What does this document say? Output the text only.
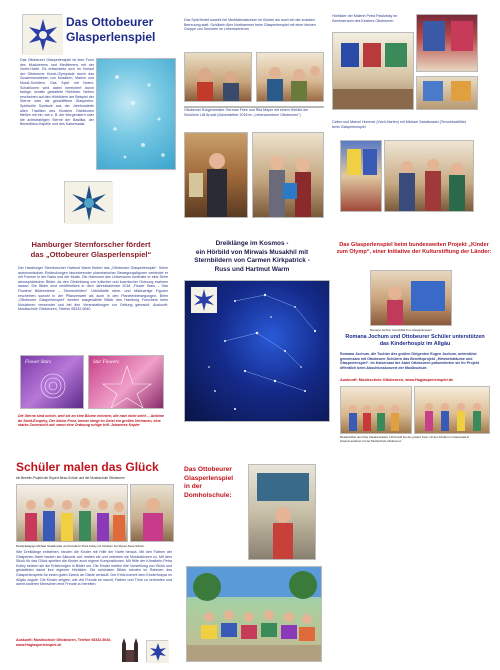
Das Ottobeurer
Glasperlenspiel
Das Ottobeurer Glasperlenspiel ist eine Form des Musizierens und Meditierens mit der Voeht-Harfe. Es entwickelte sich im Vorlauf der Ottobeurer Kunst-Olympiade durch das Zusammenwirken von Musikern, Malern und Musik-Schülern. Das Spiel mit Noten-Schablonen wird dabei bereichert durch farbige, kreativ gestaltete Hörbilder. Neben erscheinen auf den Hörbildern am Beispiel der Sterne oder als geschliffene Glasperlen. Spirituelle Symbole aus der Jahrhunderte alten Tradition des Klosters Ottobeuren fließen mit ein, wie z. B. der Morgenstern oder die achtstrahligen Sterne der Basilika, der Benediktus-Kapelle und des Kaisersaals.
Das Spiel findet sowohl bei Meditationskursen im Kloster als auch bei der sozialen Betreuung statt. Schülerin Alex Northammer beim Glasperlenspiel mit einer kleinen Gruppe von Senioren im Lebenszentrum.
Ottobeurer Bürgermeister German Fries und Rita Mayer mit einem Hörbild der Schülerin Lilli Arnold (Adventsfeier 2018 im „Lebenszentrum Ottobeuren“)
Hörbilder der Malerin Petra Pawlofsky im Seminarraum des Klosters Ottobeuren
Celine und Marcel Hummel (Voeh-Harfen) mit Michael Swiatkowski (Tenorblockflöte) beim Glasperlenspiel
Hamburger Sternforscher fördert
das „Ottobeurer Glasperlenspiel“
Der Hamburger Sternforscher Hartmut Warm fördert das „Ottobeurer Glasperlenspiel“. Seine astronomischen Entdeckungen faszinierender planetarischer Bewegungsfiguren verbindet er mit Formen in der Natur und der Musik. Die Harmonie des Universums schenkte er eine Serie atmosphärischer Bilder, da den Gleichklang von irdischer und kosmischer Ordnung erahnen lassen. Die Bilder sind veröffentlicht in dem Jahreskalender 2018 „Flower Stars – Star Flowers/ Blütensterne – Sternenblüten“. Urbildhafte stern- und blütenartige Figuren erscheinen sowohl in der Pflanzenwelt als auch in den Planetenbewegungen. Beim „Ottobeurer Glasperlenspiel“ werden ausgewählte Bilder des Hamburg Forschers beim Musizieren verwendet und bei den Veranstaltungen zur Geltung gebracht. Auskunft: Musikschule Ottobeuren, Telefon 08332-5640
Flower Stars	Star Flowers
Die Sterne sind schön, weil sie an eine Blume erinnern, die man nicht sieht ... Antoine de Saint-Exupéry, Der kleine Prinz. Immer steigt im Geist ein großes Vertrauen, eine starke Zuversicht auf: wenn eine Ordnung ruhige tritt. Johannes Kepler
Dreiklänge im Kosmos -
ein Hörbild von Mirwais Musakhil mit
Sternbildern von Carmen Kirkpatrick -
Russ und Hartmut Warm
Das Glasperlenspiel beim bundesweiten Projekt „Kinder zum Olymp“, einer Initiative der Kulturstiftung der Länder:
Romana Jochum mit Hörbild zum Glasperlenspiel
Romana Jochum und Ottobeurer Schüler unterstützen das Kinderhospiz im Allgäu
Romana Jochum, die Tochter des großen Dirigenten Eugen Jochum, unterstützt gemeinsam mit Ottobeurer Schülern das Benefizprojekt „Himmelsträume und Glasperlenspiel“. Im Kaisersaal der Abtei Ottobeuren präsentierten sie ihr Projekt öffentlich beim Abschlusskonzert der Musikschule.
Auskunft: Musikschule Ottobeuren, www.Hoglasperlenspiel.de
Musikschüler aus Frau Claudia Häcker, Lilli Arnold bei der großen Feier mit den Kindern im Kaisersaal in Zusammenarbeit mit der Musikschule Ottobeuren
Schüler malen das Glück
ein Benefiz-Projekt der Rupert-Ness-Schule und der Musikschule Ottobeuren
Musikpädagoge Michael Swiatkowski und Künstlerin Petra Kolley mit Schülern der Rupert-Ness-Schule
Wie Dreiklänge entstehen, fanden die Kinder mit Hilfe der Harfe heraus. Mit den Farben der Glasperlen-Harfe bauten sie Akkorde auf, malten sie und ordneten sie Musikstücken zu. Mit dem Stück für das Glück spielten die Kinder auch eigene Kompositionen. Mit Hilfe der Künstlerin Petra Kolley setzten sie die Erfahrungen in Bilder um. Die Kinder malten ihre Vorstellung von Glück und gestalteten damit ihre eigenen Hörbilder. Die schönsten Bilder werden im Rahmen des Glasperlenspiels für einen guten Zweck an Gäste verkauft. Der Erlös kommt dem Kinderhospiz im Allgäu zugute. Die Kinder zeigten, wie viel Freude es macht, Farben und Töne zu verbinden und damit anderen Menschen eine Freude zu bereiten.
Auskunft: Musikschule Ottobeuren, Telefon 08332-5640, www.Hoglasperlenspiel.de
Das Ottobeurer
Glasperlenspiel
in der
Domholschule:
